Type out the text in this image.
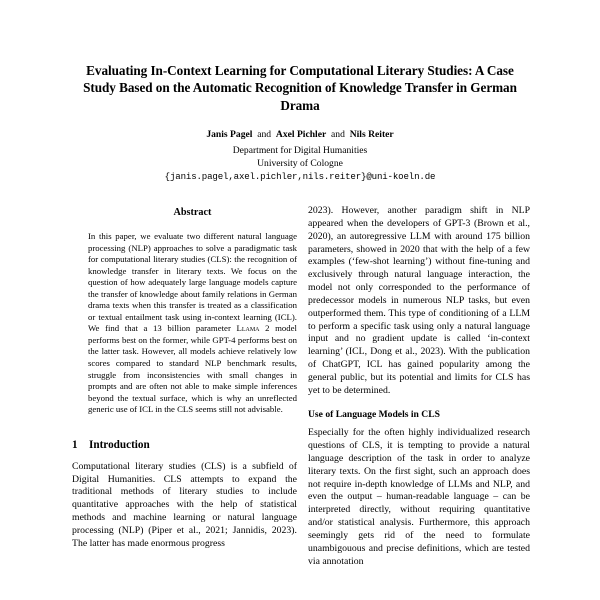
Evaluating In-Context Learning for Computational Literary Studies: A Case Study Based on the Automatic Recognition of Knowledge Transfer in German Drama
Janis Pagel and Axel Pichler and Nils Reiter
Department for Digital Humanities
University of Cologne
{janis.pagel,axel.pichler,nils.reiter}@uni-koeln.de
Abstract

In this paper, we evaluate two different natural language processing (NLP) approaches to solve a paradigmatic task for computational literary studies (CLS): the recognition of knowledge transfer in literary texts. We focus on the question of how adequately large language models capture the transfer of knowledge about family relations in German drama texts when this transfer is treated as a classification or textual entailment task using in-context learning (ICL). We find that a 13 billion parameter Llama 2 model performs best on the former, while GPT-4 performs best on the latter task. However, all models achieve relatively low scores compared to standard NLP benchmark results, struggle from inconsistencies with small changes in prompts and are often not able to make simple inferences beyond the textual surface, which is why an unreflected generic use of ICL in the CLS seems still not advisable.

1 Introduction

Computational literary studies (CLS) is a subfield of Digital Humanities. CLS attempts to expand the traditional methods of literary studies to include quantitative approaches with the help of statistical methods and machine learning or natural language processing (NLP) (Piper et al., 2021; Jannidis, 2023). The latter has made enormous progress

2023). However, another paradigm shift in NLP appeared when the developers of GPT-3 (Brown et al., 2020), an autoregressive LLM with around 175 billion parameters, showed in 2020 that with the help of a few examples (‘few-shot learning’) without fine-tuning and exclusively through natural language interaction, the model not only corresponded to the performance of predecessor models in numerous NLP tasks, but even outperformed them. This type of conditioning of a LLM to perform a specific task using only a natural language input and no gradient update is called ‘in-context learning’ (ICL, Dong et al., 2023). With the publication of ChatGPT, ICL has gained popularity among the general public, but its potential and limits for CLS has yet to be determined.

Use of Language Models in CLS

Especially for the often highly individualized research questions of CLS, it is tempting to provide a natural language description of the task in order to analyze literary texts. On the first sight, such an approach does not require in-depth knowledge of LLMs and NLP, and even the output – human-readable language – can be interpreted directly, without requiring quantitative and/or statistical analysis. Furthermore, this approach seemingly gets rid of the need to formulate unambigouous and precise definitions, which are tested via annotation
